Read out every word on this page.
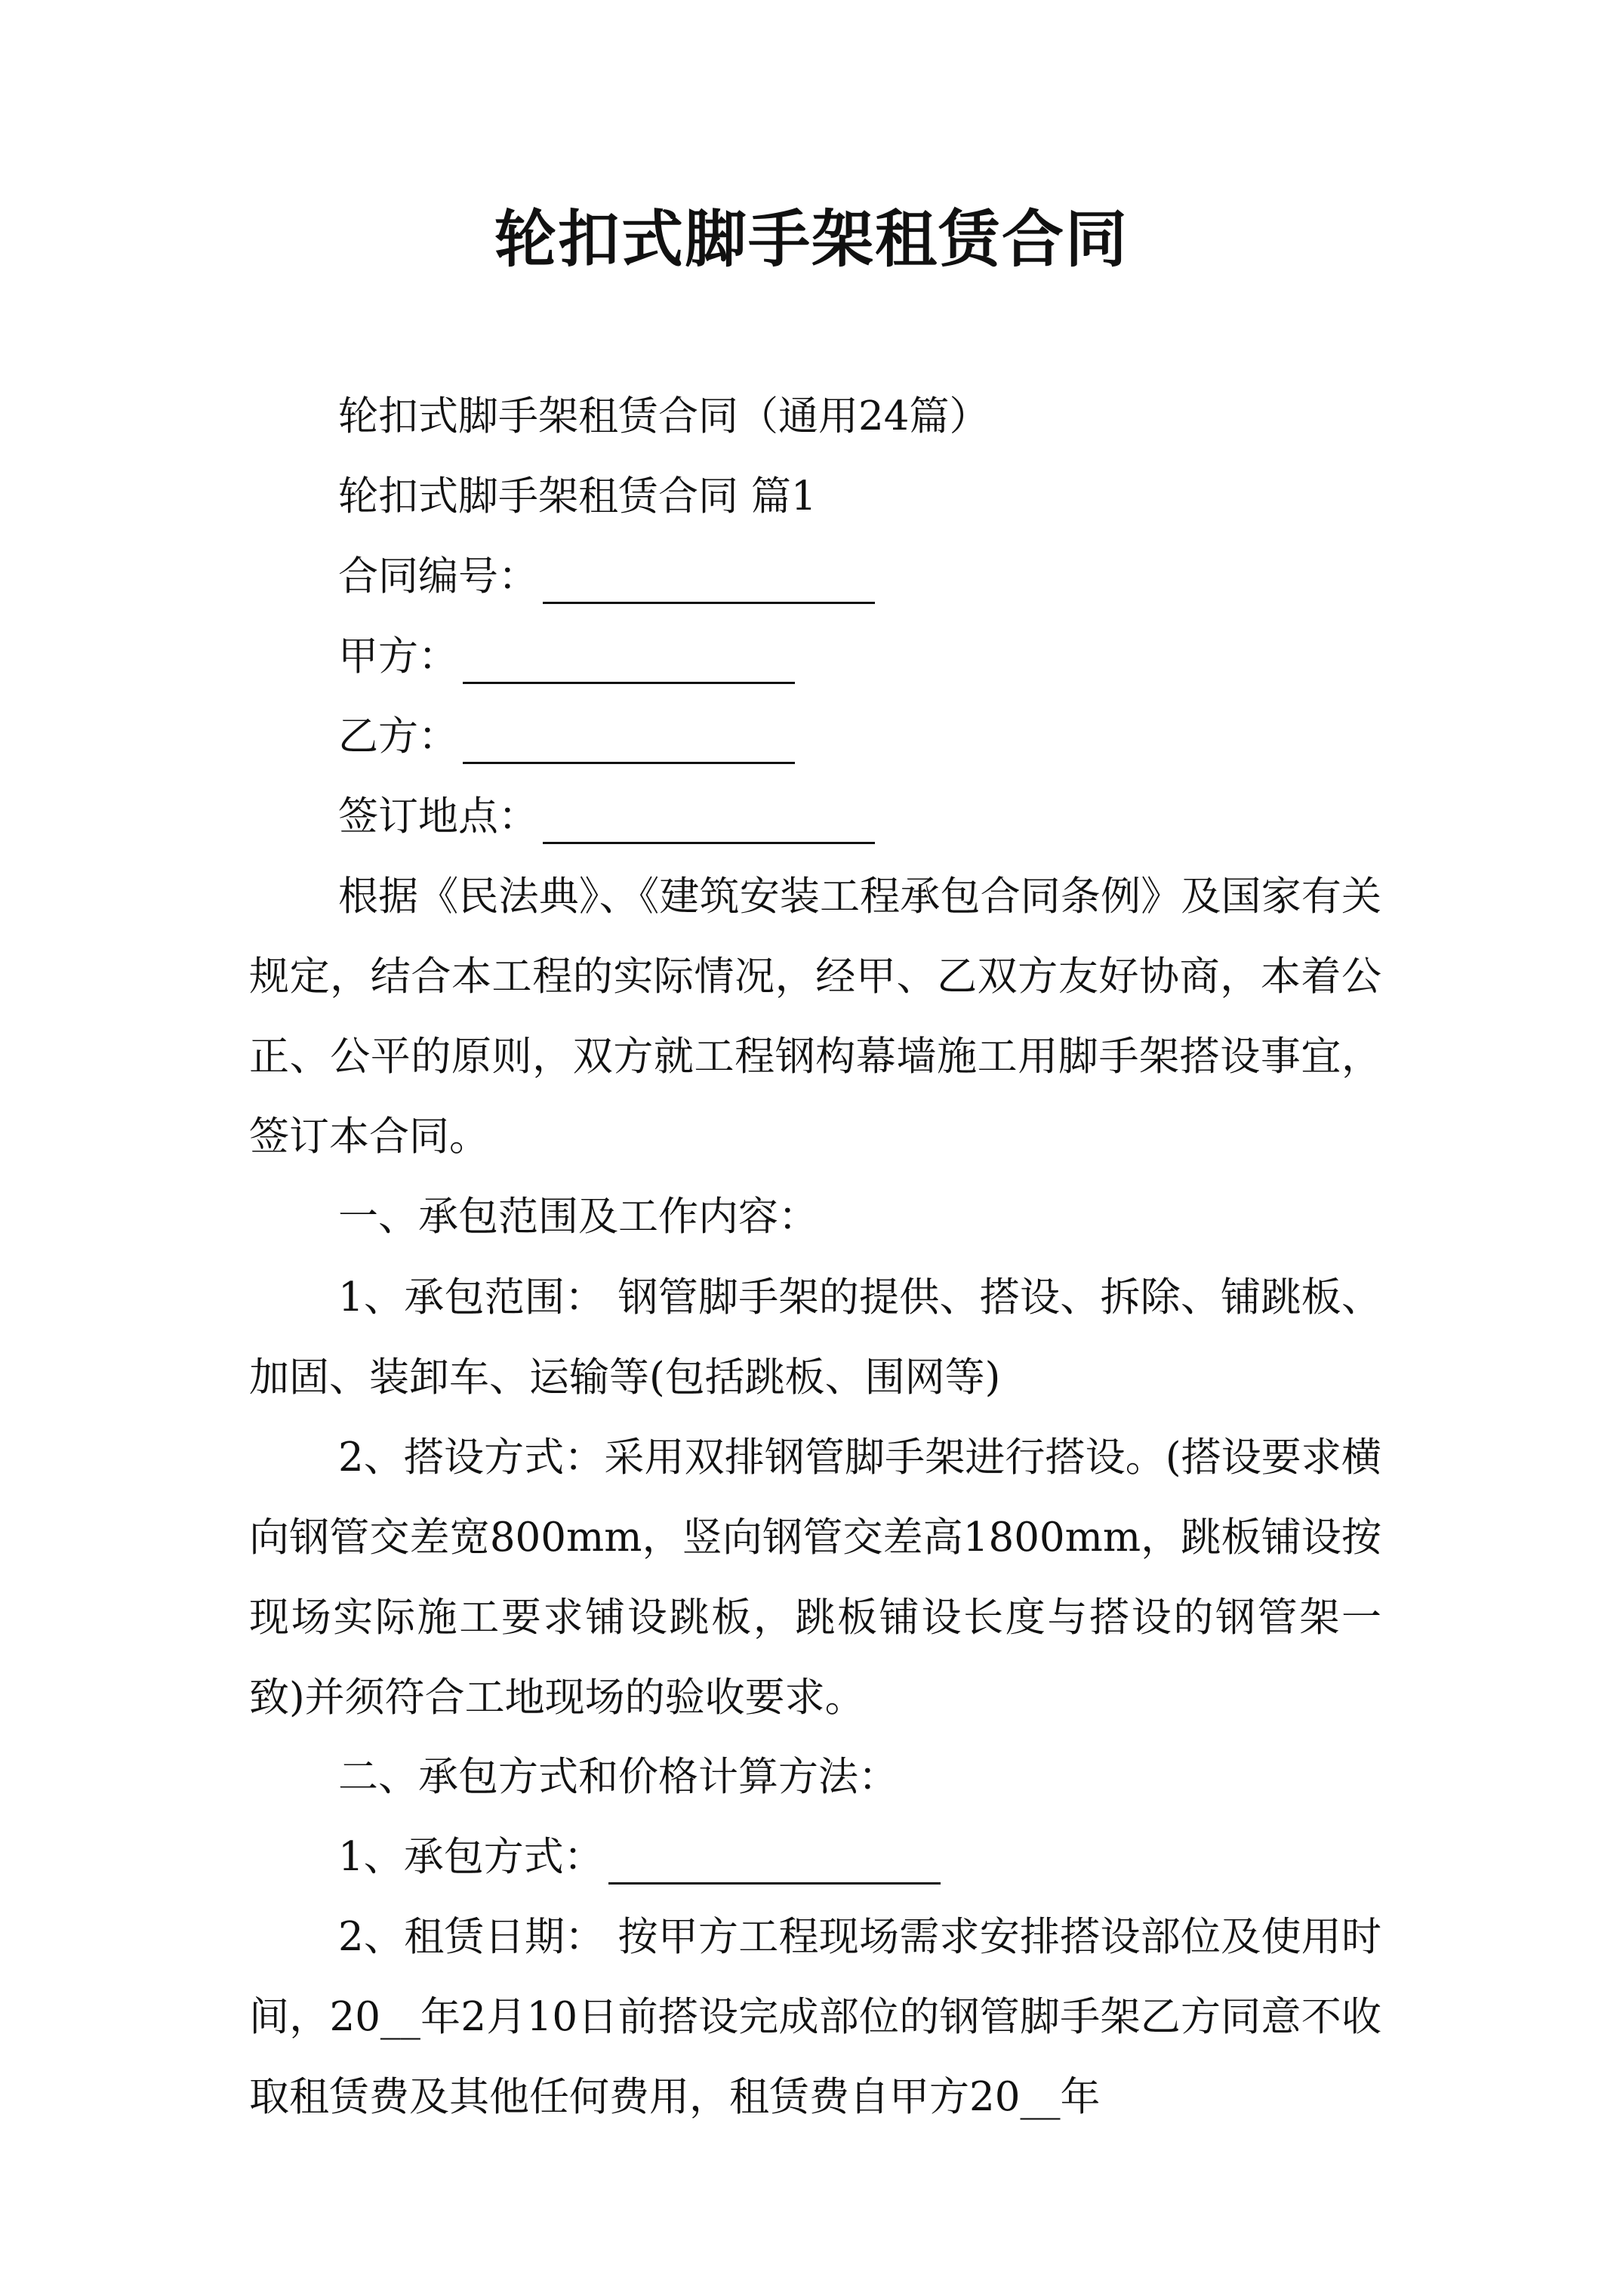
轮扣式脚手架租赁合同
轮扣式脚手架租赁合同（通用24篇）
轮扣式脚手架租赁合同 篇1
合同编号：
甲方：
乙方：
签订地点：
根据《民法典》、《建筑安装工程承包合同条例》及国家有关规定，结合本工程的实际情况，经甲、乙双方友好协商，本着公正、公平的原则，双方就工程钢构幕墙施工用脚手架搭设事宜，签订本合同。
一、承包范围及工作内容：
1、承包范围： 钢管脚手架的提供、搭设、拆除、铺跳板、加固、装卸车、运输等(包括跳板、围网等)
2、搭设方式：采用双排钢管脚手架进行搭设。(搭设要求横向钢管交差宽800mm，竖向钢管交差高1800mm，跳板铺设按现场实际施工要求铺设跳板，跳板铺设长度与搭设的钢管架一致)并须符合工地现场的验收要求。
二、承包方式和价格计算方法：
1、承包方式：
2、租赁日期： 按甲方工程现场需求安排搭设部位及使用时间，20__年2月10日前搭设完成部位的钢管脚手架乙方同意不收取租赁费及其他任何费用，租赁费自甲方20__年
